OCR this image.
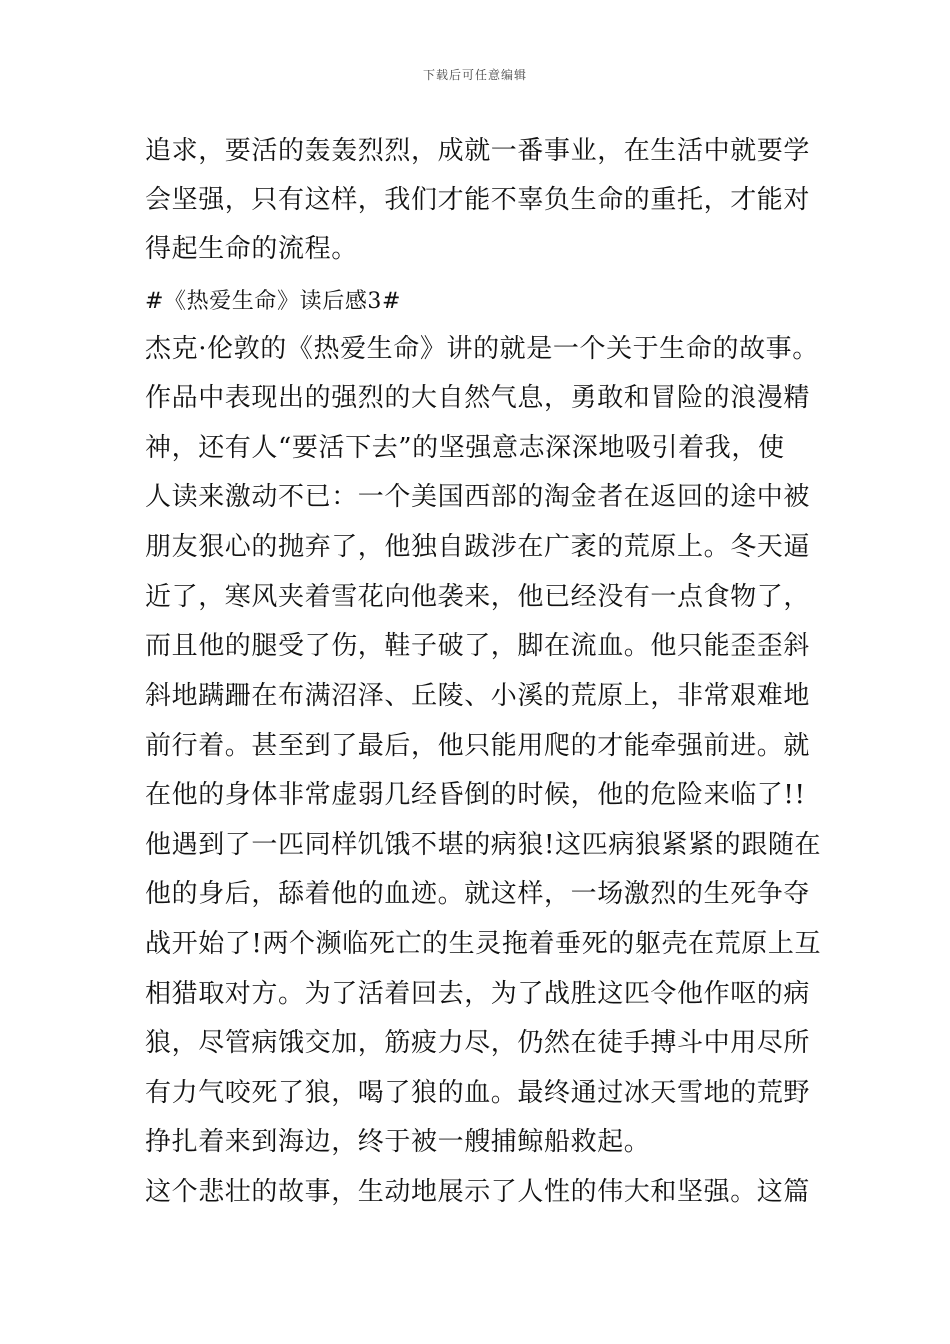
下载后可任意编辑
追求，要活的轰轰烈烈，成就一番事业，在生活中就要学
会坚强，只有这样，我们才能不辜负生命的重托，才能对
得起生命的流程。
#《热爱生命》读后感3#
杰克·伦敦的《热爱生命》讲的就是一个关于生命的故事。
作品中表现出的强烈的大自然气息，勇敢和冒险的浪漫精
神，还有人“要活下去”的坚强意志深深地吸引着我，使
人读来激动不已：一个美国西部的淘金者在返回的途中被
朋友狠心的抛弃了，他独自跋涉在广袤的荒原上。冬天逼
近了，寒风夹着雪花向他袭来，他已经没有一点食物了，
而且他的腿受了伤，鞋子破了，脚在流血。他只能歪歪斜
斜地蹒跚在布满沼泽、丘陵、小溪的荒原上，非常艰难地
前行着。甚至到了最后，他只能用爬的才能牵强前进。就
在他的身体非常虚弱几经昏倒的时候，他的危险来临了!!
他遇到了一匹同样饥饿不堪的病狼!这匹病狼紧紧的跟随在
他的身后，舔着他的血迹。就这样，一场激烈的生死争夺
战开始了!两个濒临死亡的生灵拖着垂死的躯壳在荒原上互
相猎取对方。为了活着回去，为了战胜这匹令他作呕的病
狼，尽管病饿交加，筋疲力尽，仍然在徒手搏斗中用尽所
有力气咬死了狼，喝了狼的血。最终通过冰天雪地的荒野
挣扎着来到海边，终于被一艘捕鲸船救起。
这个悲壮的故事，生动地展示了人性的伟大和坚强。这篇
